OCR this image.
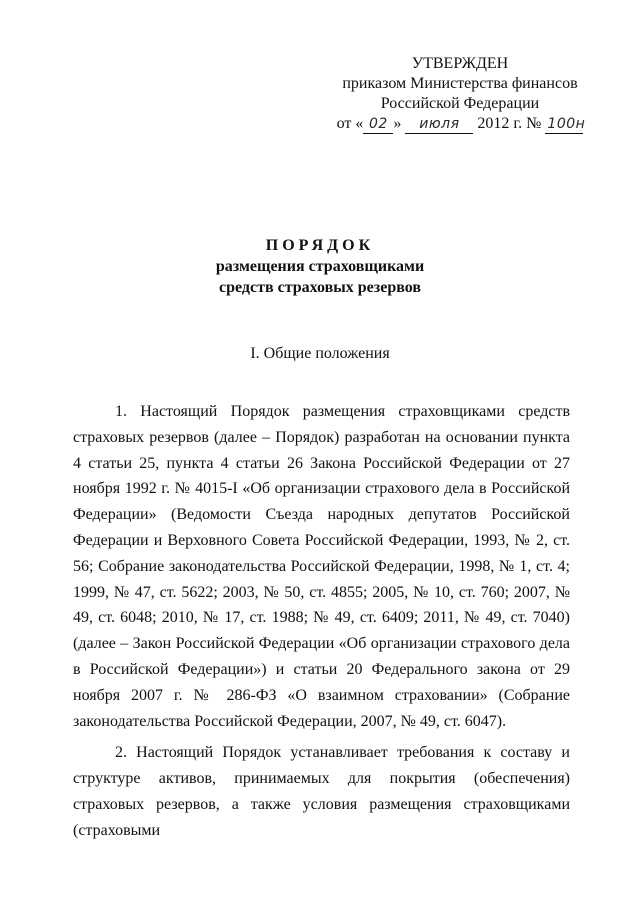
УТВЕРЖДЕН
приказом Министерства финансов
Российской Федерации
от « 02 » июля 2012 г. № 100н
ПОРЯДОК
размещения страховщиками
средств страховых резервов
I. Общие положения

1. Настоящий Порядок размещения страховщиками средств страховых резервов (далее – Порядок) разработан на основании пункта 4 статьи 25, пункта 4 статьи 26 Закона Российской Федерации от 27 ноября 1992 г. № 4015-I «Об организации страхового дела в Российской Федерации» (Ведомости Съезда народных депутатов Российской Федерации и Верховного Совета Российской Федерации, 1993, № 2, ст. 56; Собрание законодательства Российской Федерации, 1998, № 1, ст. 4; 1999, № 47, ст. 5622; 2003, № 50, ст. 4855; 2005, № 10, ст. 760; 2007, № 49, ст. 6048; 2010, № 17, ст. 1988; № 49, ст. 6409; 2011, № 49, ст. 7040) (далее – Закон Российской Федерации «Об организации страхового дела в Российской Федерации») и статьи 20 Федерального закона от 29 ноября 2007 г. № 286-ФЗ «О взаимном страховании» (Собрание законодательства Российской Федерации, 2007, № 49, ст. 6047).

2. Настоящий Порядок устанавливает требования к составу и структуре активов, принимаемых для покрытия (обеспечения) страховых резервов, а также условия размещения страховщиками (страховыми
